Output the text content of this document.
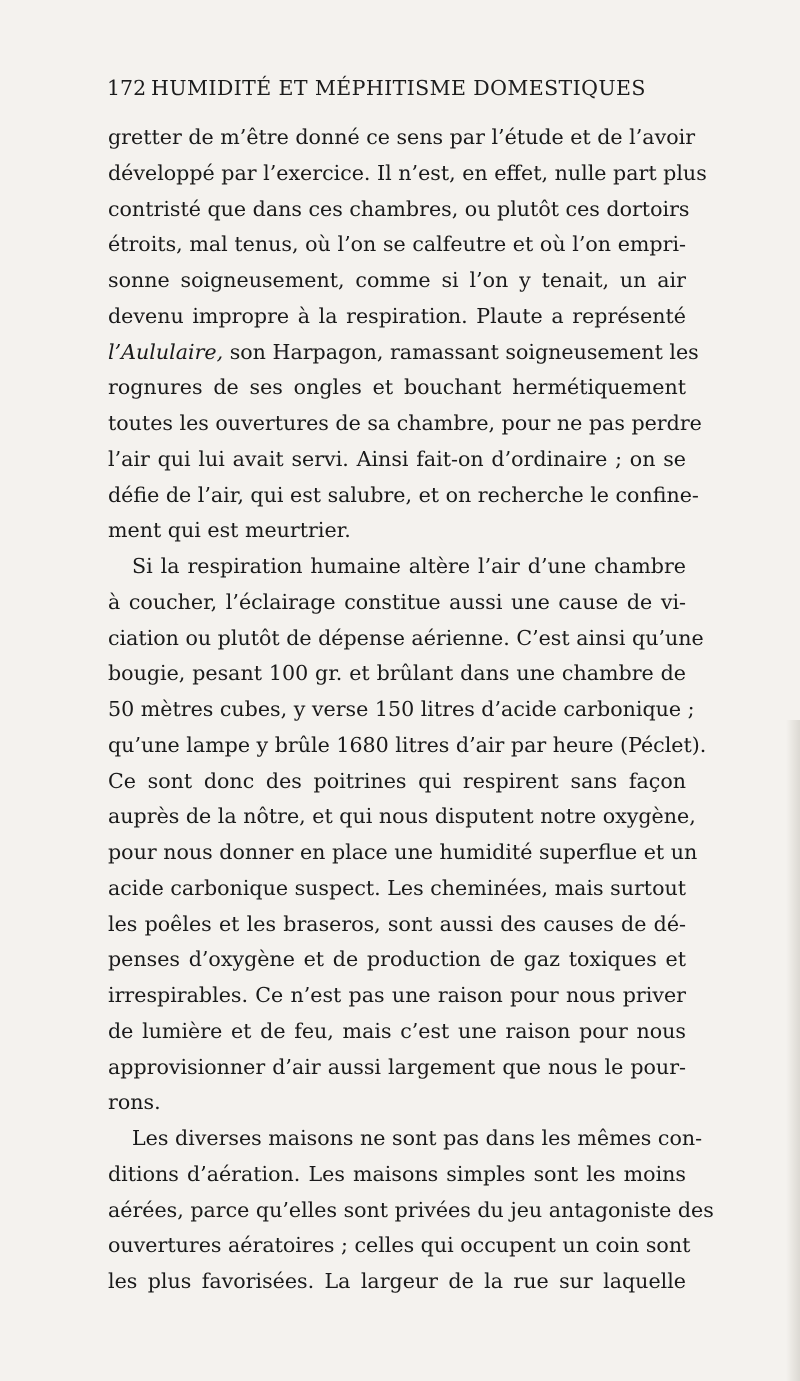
172 HUMIDITÉ ET MÉPHITISME DOMESTIQUES
gretter de m’être donné ce sens par l’étude et de l’avoir
développé par l’exercice. Il n’est, en effet, nulle part plus
contristé que dans ces chambres, ou plutôt ces dortoirs
étroits, mal tenus, où l’on se calfeutre et où l’on empri-
sonne soigneusement, comme si l’on y tenait, un air
devenu impropre à la respiration. Plaute a représenté
l’Aululaire, son Harpagon, ramassant soigneusement les
rognures de ses ongles et bouchant hermétiquement
toutes les ouvertures de sa chambre, pour ne pas perdre
l’air qui lui avait servi. Ainsi fait-on d’ordinaire ; on se
défie de l’air, qui est salubre, et on recherche le confine-
ment qui est meurtrier.
Si la respiration humaine altère l’air d’une chambre
à coucher, l’éclairage constitue aussi une cause de vi-
ciation ou plutôt de dépense aérienne. C’est ainsi qu’une
bougie, pesant 100 gr. et brûlant dans une chambre de
50 mètres cubes, y verse 150 litres d’acide carbonique ;
qu’une lampe y brûle 1680 litres d’air par heure (Péclet).
Ce sont donc des poitrines qui respirent sans façon
auprès de la nôtre, et qui nous disputent notre oxygène,
pour nous donner en place une humidité superflue et un
acide carbonique suspect. Les cheminées, mais surtout
les poêles et les braseros, sont aussi des causes de dé-
penses d’oxygène et de production de gaz toxiques et
irrespirables. Ce n’est pas une raison pour nous priver
de lumière et de feu, mais c’est une raison pour nous
approvisionner d’air aussi largement que nous le pour-
rons.
Les diverses maisons ne sont pas dans les mêmes con-
ditions d’aération. Les maisons simples sont les moins
aérées, parce qu’elles sont privées du jeu antagoniste des
ouvertures aératoires ; celles qui occupent un coin sont
les plus favorisées. La largeur de la rue sur laquelle
